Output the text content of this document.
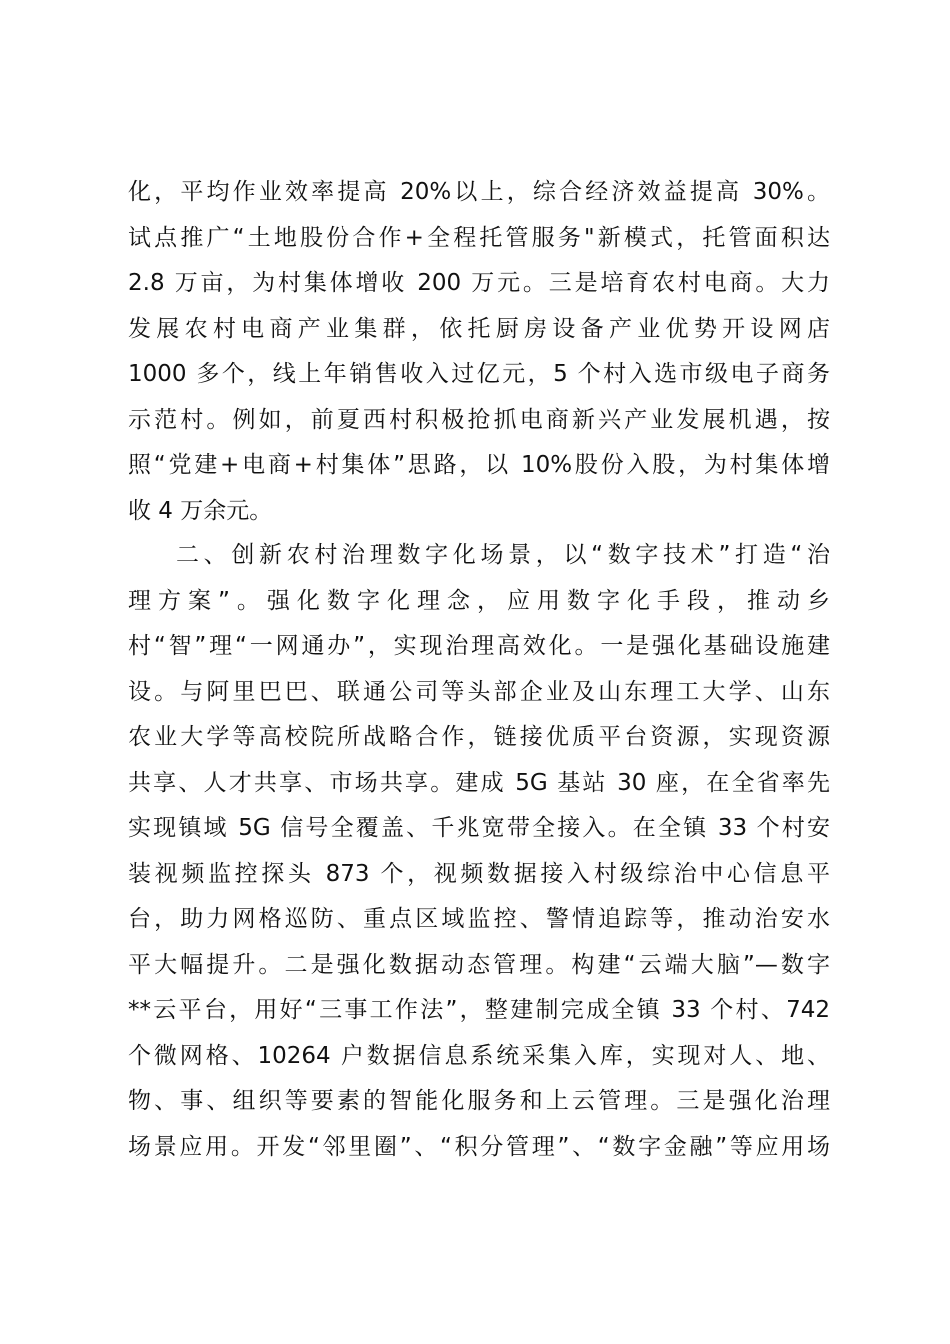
化，平均作业效率提高 20%以上，综合经济效益提高 30%。
试点推广“土地股份合作+全程托管服务"新模式，托管面积达
2.8 万亩，为村集体增收 200 万元。三是培育农村电商。大力
发展农村电商产业集群，依托厨房设备产业优势开设网店
1000 多个，线上年销售收入过亿元，5 个村入选市级电子商务
示范村。例如，前夏西村积极抢抓电商新兴产业发展机遇，按
照“党建+电商+村集体”思路，以 10%股份入股，为村集体增
收 4 万余元。
二、创新农村治理数字化场景，以“数字技术”打造“治
理方案”。强化数字化理念，应用数字化手段，推动乡
村“智”理“一网通办”，实现治理高效化。一是强化基础设施建
设。与阿里巴巴、联通公司等头部企业及山东理工大学、山东
农业大学等高校院所战略合作，链接优质平台资源，实现资源
共享、人才共享、市场共享。建成 5G 基站 30 座，在全省率先
实现镇域 5G 信号全覆盖、千兆宽带全接入。在全镇 33 个村安
装视频监控探头 873 个，视频数据接入村级综治中心信息平
台，助力网格巡防、重点区域监控、警情追踪等，推动治安水
平大幅提升。二是强化数据动态管理。构建“云端大脑”—数字
**云平台，用好“三事工作法”，整建制完成全镇 33 个村、742
个微网格、10264 户数据信息系统采集入库，实现对人、地、
物、事、组织等要素的智能化服务和上云管理。三是强化治理
场景应用。开发“邻里圈”、“积分管理”、“数字金融”等应用场
